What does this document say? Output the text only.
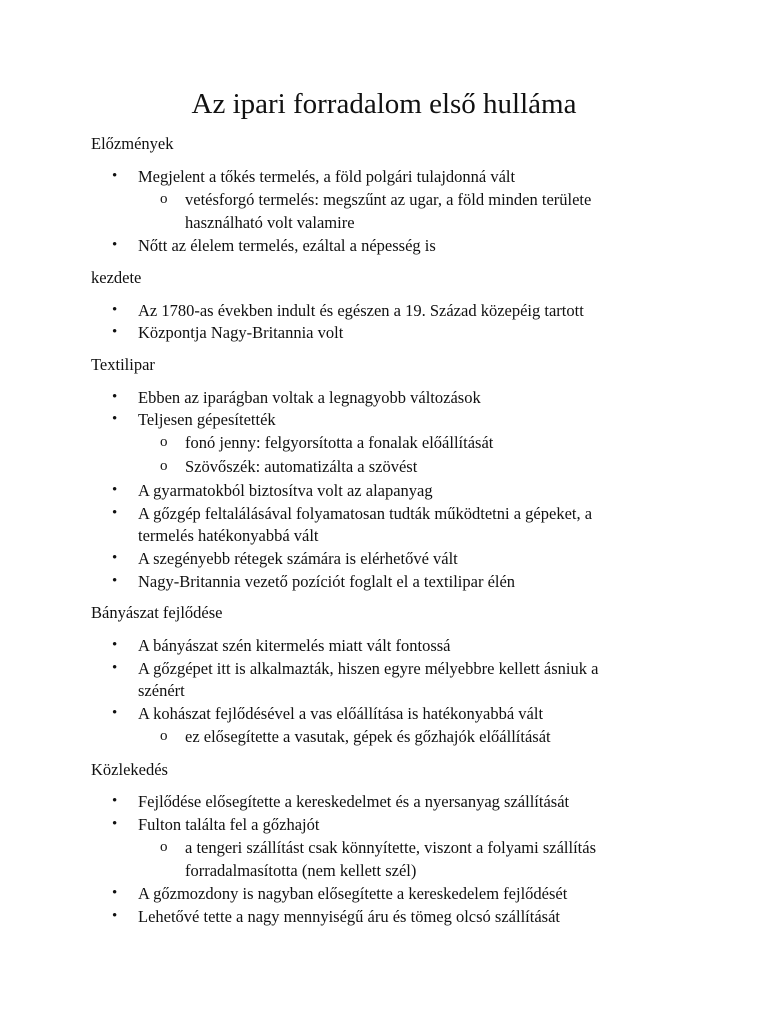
Az ipari forradalom első hulláma

Előzmények

• Megjelent a tőkés termelés, a föld polgári tulajdonná vált

o vetésforgó termelés: megszűnt az ugar, a föld minden területe

használható volt valamire

• Nőtt az élelem termelés, ezáltal a népesség is

kezdete

• Az 1780-as években indult és egészen a 19. Század közepéig tartott

• Központja Nagy-Britannia volt

Textilipar

• Ebben az iparágban voltak a legnagyobb változások

• Teljesen gépesítették

o fonó jenny: felgyorsította a fonalak előállítását

o Szövőszék: automatizálta a szövést

• A gyarmatokból biztosítva volt az alapanyag

• A gőzgép feltalálásával folyamatosan tudták működtetni a gépeket, a

termelés hatékonyabbá vált

• A szegényebb rétegek számára is elérhetővé vált

• Nagy-Britannia vezető pozíciót foglalt el a textilipar élén

Bányászat fejlődése

• A bányászat szén kitermelés miatt vált fontossá

• A gőzgépet itt is alkalmazták, hiszen egyre mélyebbre kellett ásniuk a

szénért

• A kohászat fejlődésével a vas előállítása is hatékonyabbá vált

o ez elősegítette a vasutak, gépek és gőzhajók előállítását

Közlekedés

• Fejlődése elősegítette a kereskedelmet és a nyersanyag szállítását

• Fulton találta fel a gőzhajót

o a tengeri szállítást csak könnyítette, viszont a folyami szállítás

forradalmasította (nem kellett szél)

• A gőzmozdony is nagyban elősegítette a kereskedelem fejlődését

• Lehetővé tette a nagy mennyiségű áru és tömeg olcsó szállítását
